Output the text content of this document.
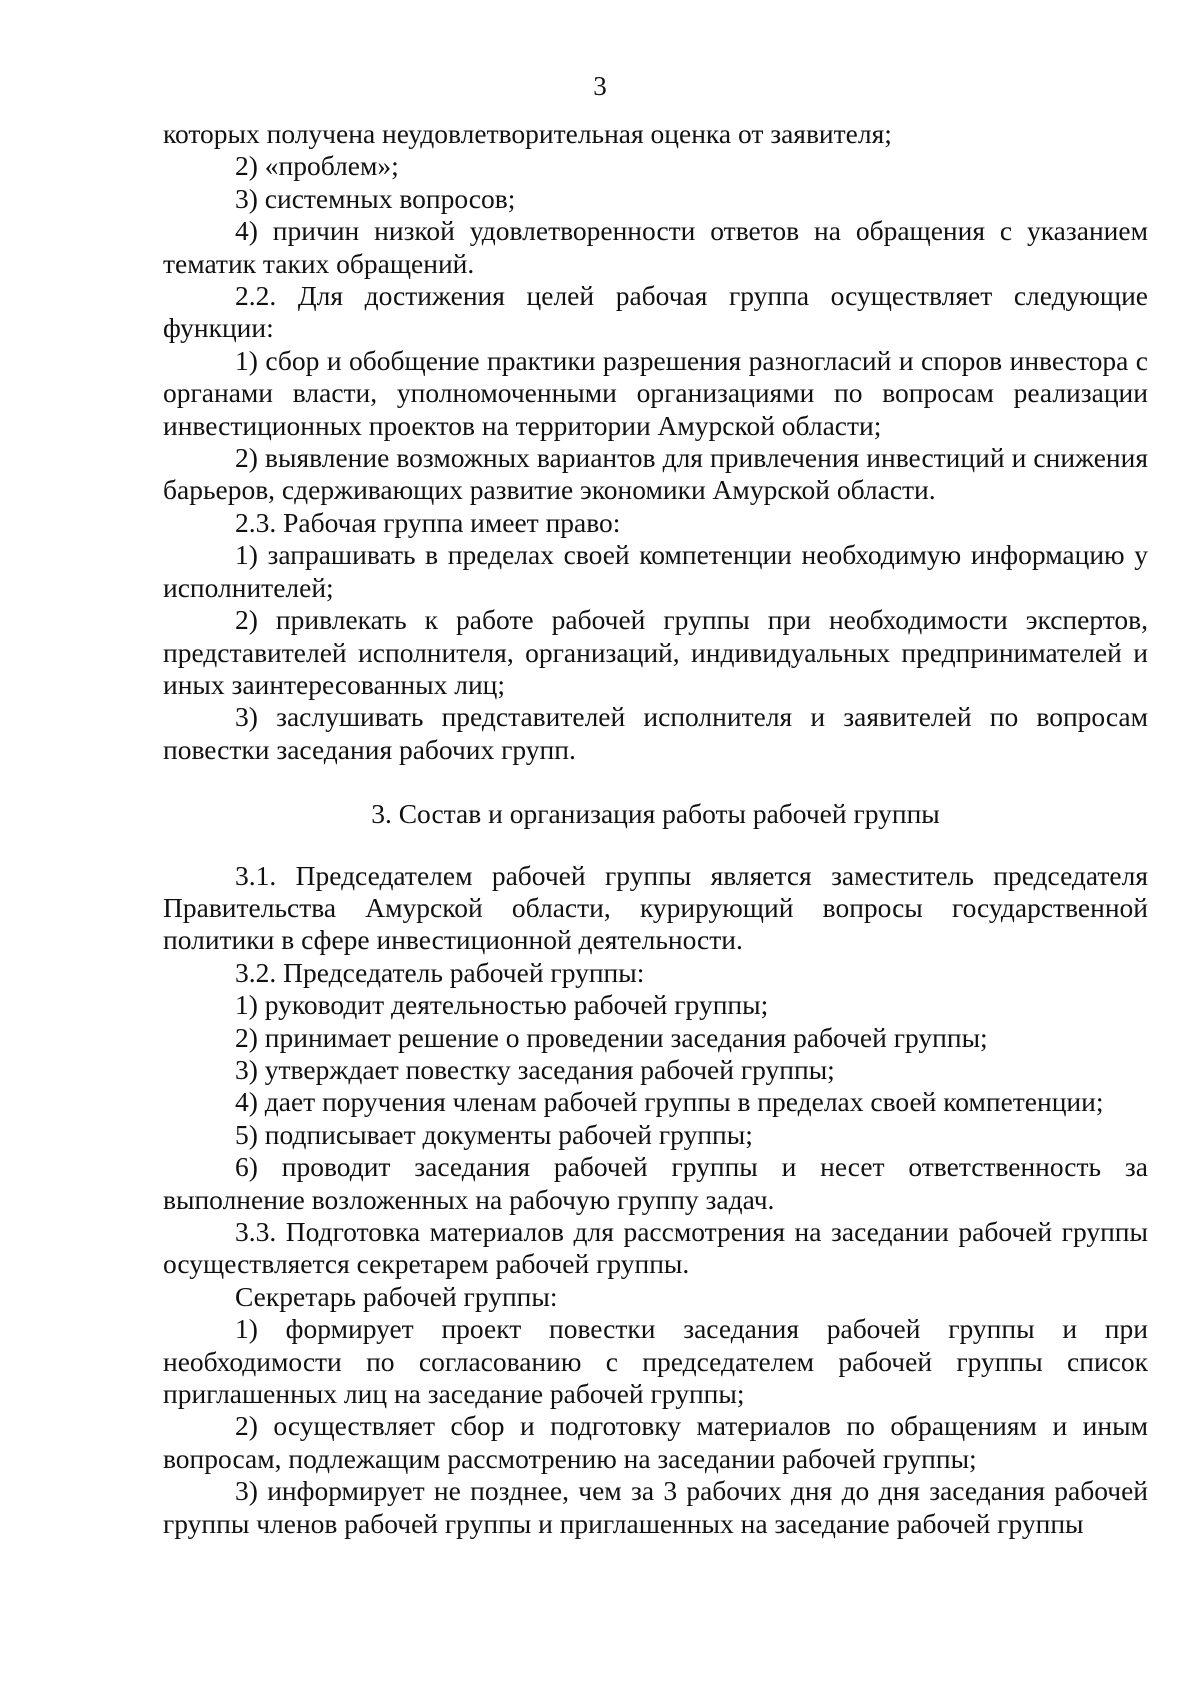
3

которых получена неудовлетворительная оценка от заявителя;

2) «проблем»;

3) системных вопросов;

4) причин низкой удовлетворенности ответов на обращения с указанием тематик таких обращений.

2.2. Для достижения целей рабочая группа осуществляет следующие функции:

1) сбор и обобщение практики разрешения разногласий и споров инвестора с органами власти, уполномоченными организациями по вопросам реализации инвестиционных проектов на территории Амурской области;

2) выявление возможных вариантов для привлечения инвестиций и снижения барьеров, сдерживающих развитие экономики Амурской области.

2.3. Рабочая группа имеет право:

1) запрашивать в пределах своей компетенции необходимую информацию у исполнителей;

2) привлекать к работе рабочей группы при необходимости экспертов, представителей исполнителя, организаций, индивидуальных предпринимателей и иных заинтересованных лиц;

3) заслушивать представителей исполнителя и заявителей по вопросам повестки заседания рабочих групп.

3. Состав и организация работы рабочей группы

3.1. Председателем рабочей группы является заместитель председателя Правительства Амурской области, курирующий вопросы государственной политики в сфере инвестиционной деятельности.

3.2. Председатель рабочей группы:

1) руководит деятельностью рабочей группы;

2) принимает решение о проведении заседания рабочей группы;

3) утверждает повестку заседания рабочей группы;

4) дает поручения членам рабочей группы в пределах своей компетенции;

5) подписывает документы рабочей группы;

6) проводит заседания рабочей группы и несет ответственность за выполнение возложенных на рабочую группу задач.

3.3. Подготовка материалов для рассмотрения на заседании рабочей группы осуществляется секретарем рабочей группы.

Секретарь рабочей группы:

1) формирует проект повестки заседания рабочей группы и при необходимости по согласованию с председателем рабочей группы список приглашенных лиц на заседание рабочей группы;

2) осуществляет сбор и подготовку материалов по обращениям и иным вопросам, подлежащим рассмотрению на заседании рабочей группы;

3) информирует не позднее, чем за 3 рабочих дня до дня заседания рабочей группы членов рабочей группы и приглашенных на заседание рабочей группы
